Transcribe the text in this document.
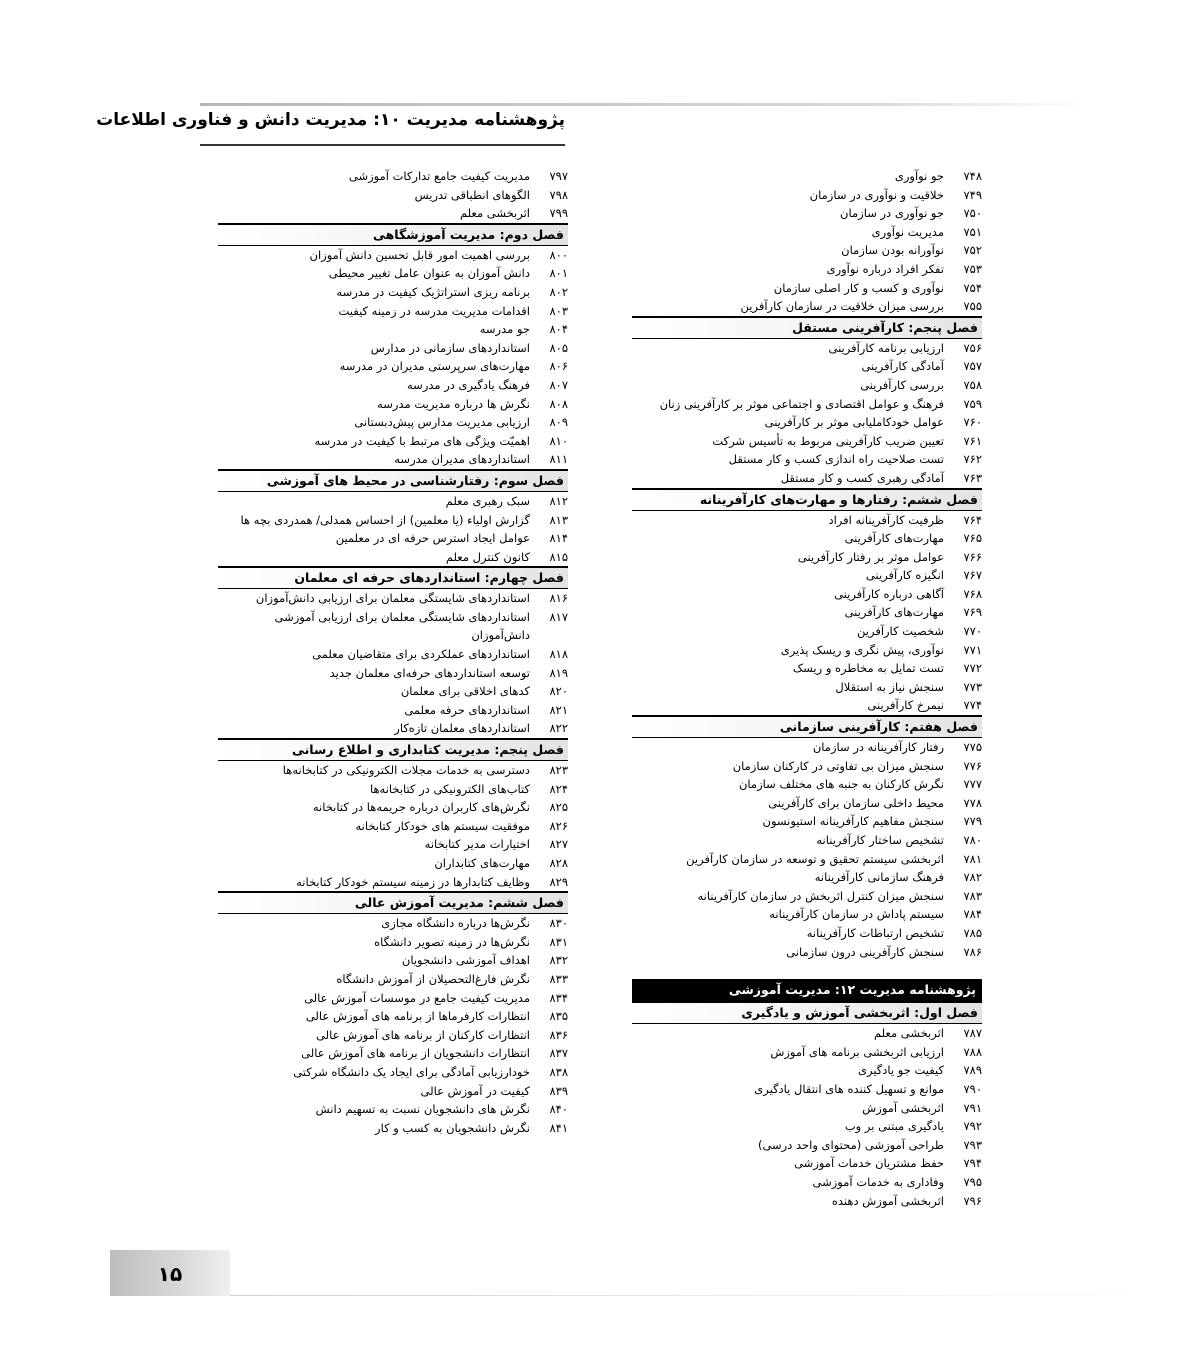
پژوهشنامه مدیریت ۱۰: مدیریت دانش و فناوری اطلاعات
۷۴۸
جو نوآوری
۷۴۹
خلاقیت و نوآوری در سازمان
۷۵۰
جو نوآوری در سازمان
۷۵۱
مدیریت نوآوری
۷۵۲
نوآورانه بودن سازمان
۷۵۳
تفکر افراد درباره نوآوری
۷۵۴
نوآوری و کسب و کار اصلی سازمان
۷۵۵
بررسی میزان خلاقیت در سازمان کارآفرین
فصل پنجم: کارآفرینی مستقل
۷۵۶
ارزیابی برنامه کارآفرینی
۷۵۷
آمادگی کارآفرینی
۷۵۸
بررسی کارآفرینی
۷۵۹
فرهنگ و عوامل اقتصادی و اجتماعی موثر بر کارآفرینی زنان
۷۶۰
عوامل خودکاملیابی موثر بر کارآفرینی
۷۶۱
تعیین ضریب کارآفرینی مربوط به تأسیس شرکت
۷۶۲
تست صلاحیت راه اندازی کسب و کار مستقل
۷۶۳
آمادگی رهبری کسب و کار مستقل
فصل ششم: رفتارها و مهارت‌های کارآفرینانه
۷۶۴
ظرفیت کارآفرینانه افراد
۷۶۵
مهارت‌های کارآفرینی
۷۶۶
عوامل موثر بر رفتار کارآفرینی
۷۶۷
انگیزه کارآفرینی
۷۶۸
آگاهی درباره کارآفرینی
۷۶۹
مهارت‌های کارآفرینی
۷۷۰
شخصیت کارآفرین
۷۷۱
نوآوری، پیش نگری و ریسک پذیری
۷۷۲
تست تمایل به مخاطره و ریسک
۷۷۳
سنجش نیاز به استقلال
۷۷۴
نیمرخ کارآفرینی
فصل هفتم: کارآفرینی سازمانی
۷۷۵
رفتار کارآفرینانه در سازمان
۷۷۶
سنجش میزان بی تفاوتی در کارکنان سازمان
۷۷۷
نگرش کارکنان به جنبه های مختلف سازمان
۷۷۸
محیط داخلی سازمان برای کارآفرینی
۷۷۹
سنجش مفاهیم کارآفرینانه استیونسون
۷۸۰
تشخیص ساختار کارآفرینانه
۷۸۱
اثربخشی سیستم تحقیق و توسعه در سازمان کارآفرین
۷۸۲
فرهنگ سازمانی کارآفرینانه
۷۸۳
سنجش میزان کنترل اثربخش در سازمان کارآفرینانه
۷۸۴
سیستم پاداش در سازمان کارآفرینانه
۷۸۵
تشخیص ارتباطات کارآفرینانه
۷۸۶
سنجش کارآفرینی درون سازمانی
پژوهشنامه مدیریت ۱۲: مدیریت آموزشی
فصل اول: اثربخشی آموزش و یادگیری
۷۸۷
اثربخشی معلم
۷۸۸
ارزیابی اثربخشی برنامه های آموزش
۷۸۹
کیفیت جو یادگیری
۷۹۰
موانع و تسهیل کننده های انتقال یادگیری
۷۹۱
اثربخشی آموزش
۷۹۲
یادگیری مبتنی بر وب
۷۹۳
طراحی آموزشی (محتوای واحد درسی)
۷۹۴
حفظ مشتریان خدمات آموزشی
۷۹۵
وفاداری به خدمات آموزشی
۷۹۶
اثربخشی آموزش دهنده
۷۹۷
مدیریت کیفیت جامع تدارکات آموزشی
۷۹۸
الگوهای انطباقی تدریس
۷۹۹
اثربخشی معلم
فصل دوم: مدیریت آموزشگاهی
۸۰۰
بررسی اهمیت امور قابل تحسین دانش آموزان
۸۰۱
دانش آموزان به عنوان عامل تغییر محیطی
۸۰۲
برنامه ریزی استراتژیک کیفیت در مدرسه
۸۰۳
اقدامات مدیریت مدرسه در زمینه کیفیت
۸۰۴
جو مدرسه
۸۰۵
استانداردهای سازمانی در مدارس
۸۰۶
مهارت‌های سرپرستی مدیران در مدرسه
۸۰۷
فرهنگ یادگیری در مدرسه
۸۰۸
نگرش ها درباره مدیریت مدرسه
۸۰۹
ارزیابی مدیریت مدارس پیش‌دبستانی
۸۱۰
اهمیّت ویژگی های مرتبط با کیفیت در مدرسه
۸۱۱
استانداردهای مدیران مدرسه
فصل سوم: رفتارشناسی در محیط های آموزشی
۸۱۲
سبک رهبری معلم
۸۱۳
گزارش اولیاء (یا معلمین) از احساس همدلی/ همدردی بچه ها
۸۱۴
عوامل ایجاد استرس حرفه ای در معلمین
۸۱۵
کانون کنترل معلم
فصل چهارم: استانداردهای حرفه ای معلمان
۸۱۶
استانداردهای شایستگی معلمان برای ارزیابی دانش‌آموزان
۸۱۷
استانداردهای شایستگی معلمان برای ارزیابی آموزشی دانش‌آموزان
۸۱۸
استانداردهای عملکردی برای متقاضیان معلمی
۸۱۹
توسعه استانداردهای حرفه‌ای معلمان جدید
۸۲۰
کدهای اخلاقی برای معلمان
۸۲۱
استانداردهای حرفه معلمی
۸۲۲
استانداردهای معلمان تازه‌کار
فصل پنجم: مدیریت کتابداری و اطلاع رسانی
۸۲۳
دسترسی به خدمات مجلات الکترونیکی در کتابخانه‌ها
۸۲۴
کتاب‌های الکترونیکی در کتابخانه‌ها
۸۲۵
نگرش‌های کاربران درباره جریمه‌ها در کتابخانه
۸۲۶
موفقیت سیستم های خودکار کتابخانه
۸۲۷
اختیارات مدیر کتابخانه
۸۲۸
مهارت‌های کتابداران
۸۲۹
وظایف کتابدارها در زمینه سیستم خودکار کتابخانه
فصل ششم: مدیریت آموزش عالی
۸۳۰
نگرش‌ها درباره دانشگاه مجازی
۸۳۱
نگرش‌ها در زمینه تصویر دانشگاه
۸۳۲
اهداف آموزشی دانشجویان
۸۳۳
نگرش فارغ‌التحصیلان از آموزش دانشگاه
۸۳۴
مدیریت کیفیت جامع در موسسات آموزش عالی
۸۳۵
انتظارات کارفرماها از برنامه های آموزش عالی
۸۳۶
انتظارات کارکنان از برنامه های آموزش عالی
۸۳۷
انتظارات دانشجویان از برنامه های آموزش عالی
۸۳۸
خودارزیابی آمادگی برای ایجاد یک دانشگاه شرکتی
۸۳۹
کیفیت در آموزش عالی
۸۴۰
نگرش های دانشجویان نسبت به تسهیم دانش
۸۴۱
نگرش دانشجویان به کسب و کار
۱۵
